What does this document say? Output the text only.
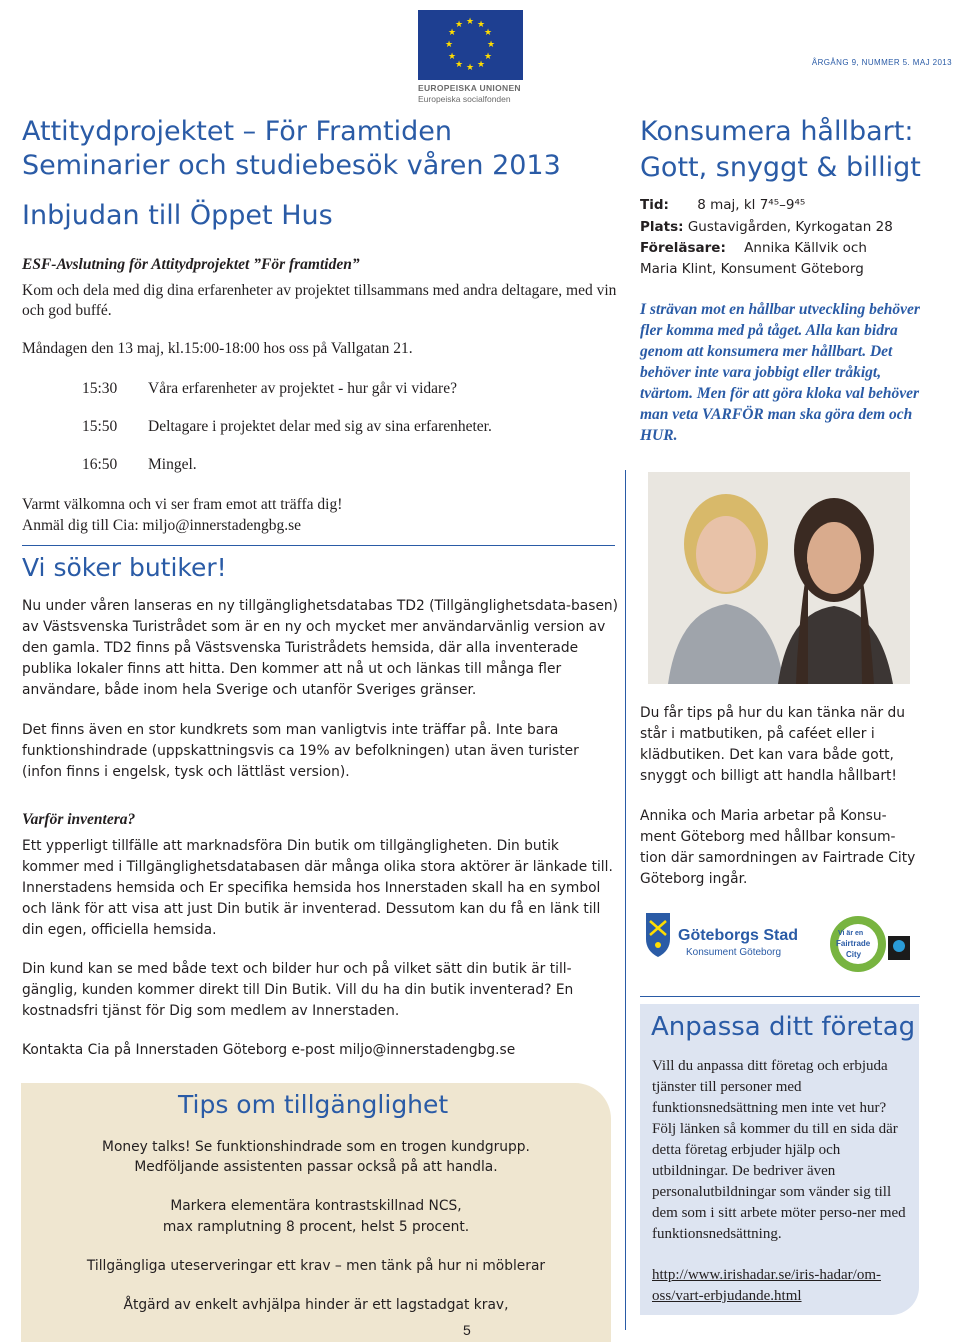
★ ★
★
★
★
★
★
★
★
★
★
★
EUROPEISKA UNIONEN
Europeiska socialfonden
ÅRGÅNG 9, NUMMER 5. MAJ 2013
Attitydprojektet – För Framtiden
Seminarier och studiebesök våren 2013
Inbjudan till Öppet Hus
ESF-Avslutning för Attitydprojektet ”För framtiden”
Kom och dela med dig dina erfarenheter av projektet tillsammans med andra deltagare, med vin och god buffé.
Måndagen den 13 maj, kl.15:00-18:00 hos oss på Vallgatan 21.
15:30 Våra erfarenheter av projektet - hur går vi vidare?
15:50 Deltagare i projektet delar med sig av sina erfarenheter.
16:50 Mingel.
Varmt välkomna och vi ser fram emot att träffa dig!
Anmäl dig till Cia: miljo@innerstadengbg.se
Vi söker butiker!
Nu under våren lanseras en ny tillgänglighetsdatabas TD2 (Tillgänglighetsdata-basen) av Västsvenska Turistrådet som är en ny och mycket mer användarvänlig version av den gamla. TD2 finns på Västsvenska Turistrådets hemsida, där alla inventerade publika lokaler finns att hitta. Den kommer att nå ut och länkas till många fler användare, både inom hela Sverige och utanför Sveriges gränser.
Det finns även en stor kundkrets som man vanligtvis inte träffar på. Inte bara funktionshindrade (uppskattningsvis ca 19% av befolkningen) utan även turister (infon finns i engelsk, tysk och lättläst version).
Varför inventera?
Ett ypperligt tillfälle att marknadsföra Din butik om tillgängligheten. Din butik kommer med i Tillgänglighetsdatabasen där många olika stora aktörer är länkade till. Innerstadens hemsida och Er specifika hemsida hos Innerstaden skall ha en symbol och länk för att visa att just Din butik är inventerad. Dessutom kan du få en länk till din egen, officiella hemsida.
Din kund kan se med både text och bilder hur och på vilket sätt din butik är till-gänglig, kunden kommer direkt till Din Butik. Vill du ha din butik inventerad? En kostnadsfri tjänst för Dig som medlem av Innerstaden.
Kontakta Cia på Innerstaden Göteborg e-post miljo@innerstadengbg.se
Tips om tillgänglighet
Money talks! Se funktionshindrade som en trogen kundgrupp.
Medföljande assistenten passar också på att handla.
Markera elementära kontrastskillnad NCS,
max ramplutning 8 procent, helst 5 procent.
Tillgängliga uteserveringar ett krav – men tänk på hur ni möblerar
Åtgärd av enkelt avhjälpa hinder är ett lagstadgat krav,
5
Konsumera hållbart:
Gott, snyggt & billigt
Tid: 8 maj, kl 7⁴⁵–9⁴⁵
Plats: Gustavigården, Kyrkogatan 28
Föreläsare: Annika Källvik och
Maria Klint, Konsument Göteborg
I strävan mot en hållbar utveckling behöver fler komma med på tåget. Alla kan bidra genom att konsumera mer hållbart. Det behöver inte vara jobbigt eller tråkigt, tvärtom. Men för att göra kloka val behöver man veta VARFÖR man ska göra dem och HUR.
Du får tips på hur du kan tänka när du står i matbutiken, på caféet eller i klädbutiken. Det kan vara både gott, snyggt och billigt att handla hållbart!
Annika och Maria arbetar på Konsu-ment Göteborg med hållbar konsum-tion där samordningen av Fairtrade City Göteborg ingår.
Göteborgs Stad
Konsument Göteborg
Vi är en
Fairtrade
City
Anpassa ditt företag
Vill du anpassa ditt företag och erbjuda tjänster till personer med funktionsnedsättning men inte vet hur? Följ länken så kommer du till en sida där detta företag erbjuder hjälp och utbildningar. De bedriver även personalutbildningar som vänder sig till dem som i sitt arbete möter perso-ner med funktionsnedsättning.
http://www.irishadar.se/iris-hadar/om-oss/vart-erbjudande.html
